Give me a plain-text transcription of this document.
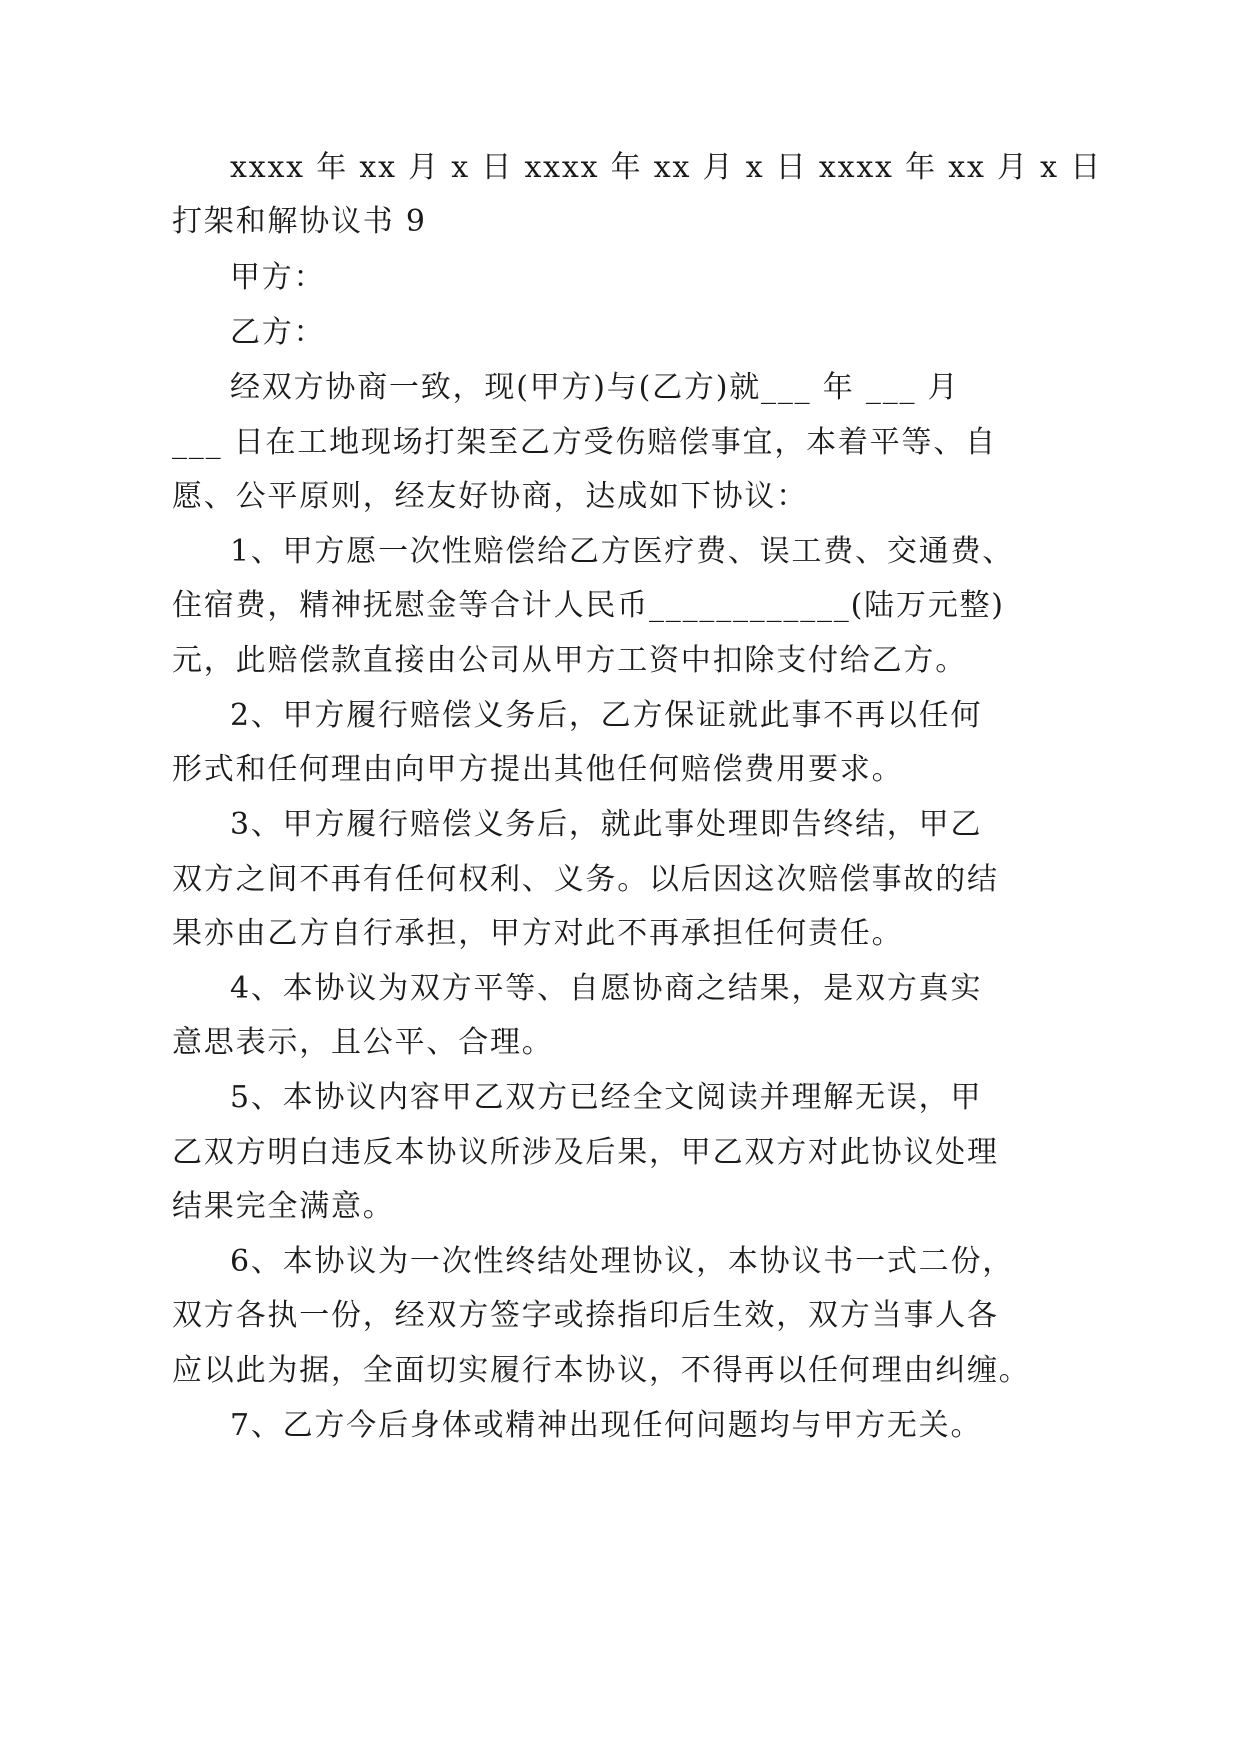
xxxx 年 xx 月 x 日 xxxx 年 xx 月 x 日 xxxx 年 xx 月 x 日
打架和解协议书 9
甲方：
乙方：
经双方协商一致，现(甲方)与(乙方)就___ 年 ___ 月
___ 日在工地现场打架至乙方受伤赔偿事宜，本着平等、自
愿、公平原则，经友好协商，达成如下协议：
1、甲方愿一次性赔偿给乙方医疗费、误工费、交通费、
住宿费，精神抚慰金等合计人民币____________(陆万元整)
元，此赔偿款直接由公司从甲方工资中扣除支付给乙方。
2、甲方履行赔偿义务后，乙方保证就此事不再以任何
形式和任何理由向甲方提出其他任何赔偿费用要求。
3、甲方履行赔偿义务后，就此事处理即告终结，甲乙
双方之间不再有任何权利、义务。以后因这次赔偿事故的结
果亦由乙方自行承担，甲方对此不再承担任何责任。
4、本协议为双方平等、自愿协商之结果，是双方真实
意思表示，且公平、合理。
5、本协议内容甲乙双方已经全文阅读并理解无误，甲
乙双方明白违反本协议所涉及后果，甲乙双方对此协议处理
结果完全满意。
6、本协议为一次性终结处理协议，本协议书一式二份，
双方各执一份，经双方签字或捺指印后生效，双方当事人各
应以此为据，全面切实履行本协议，不得再以任何理由纠缠。
7、乙方今后身体或精神出现任何问题均与甲方无关。
